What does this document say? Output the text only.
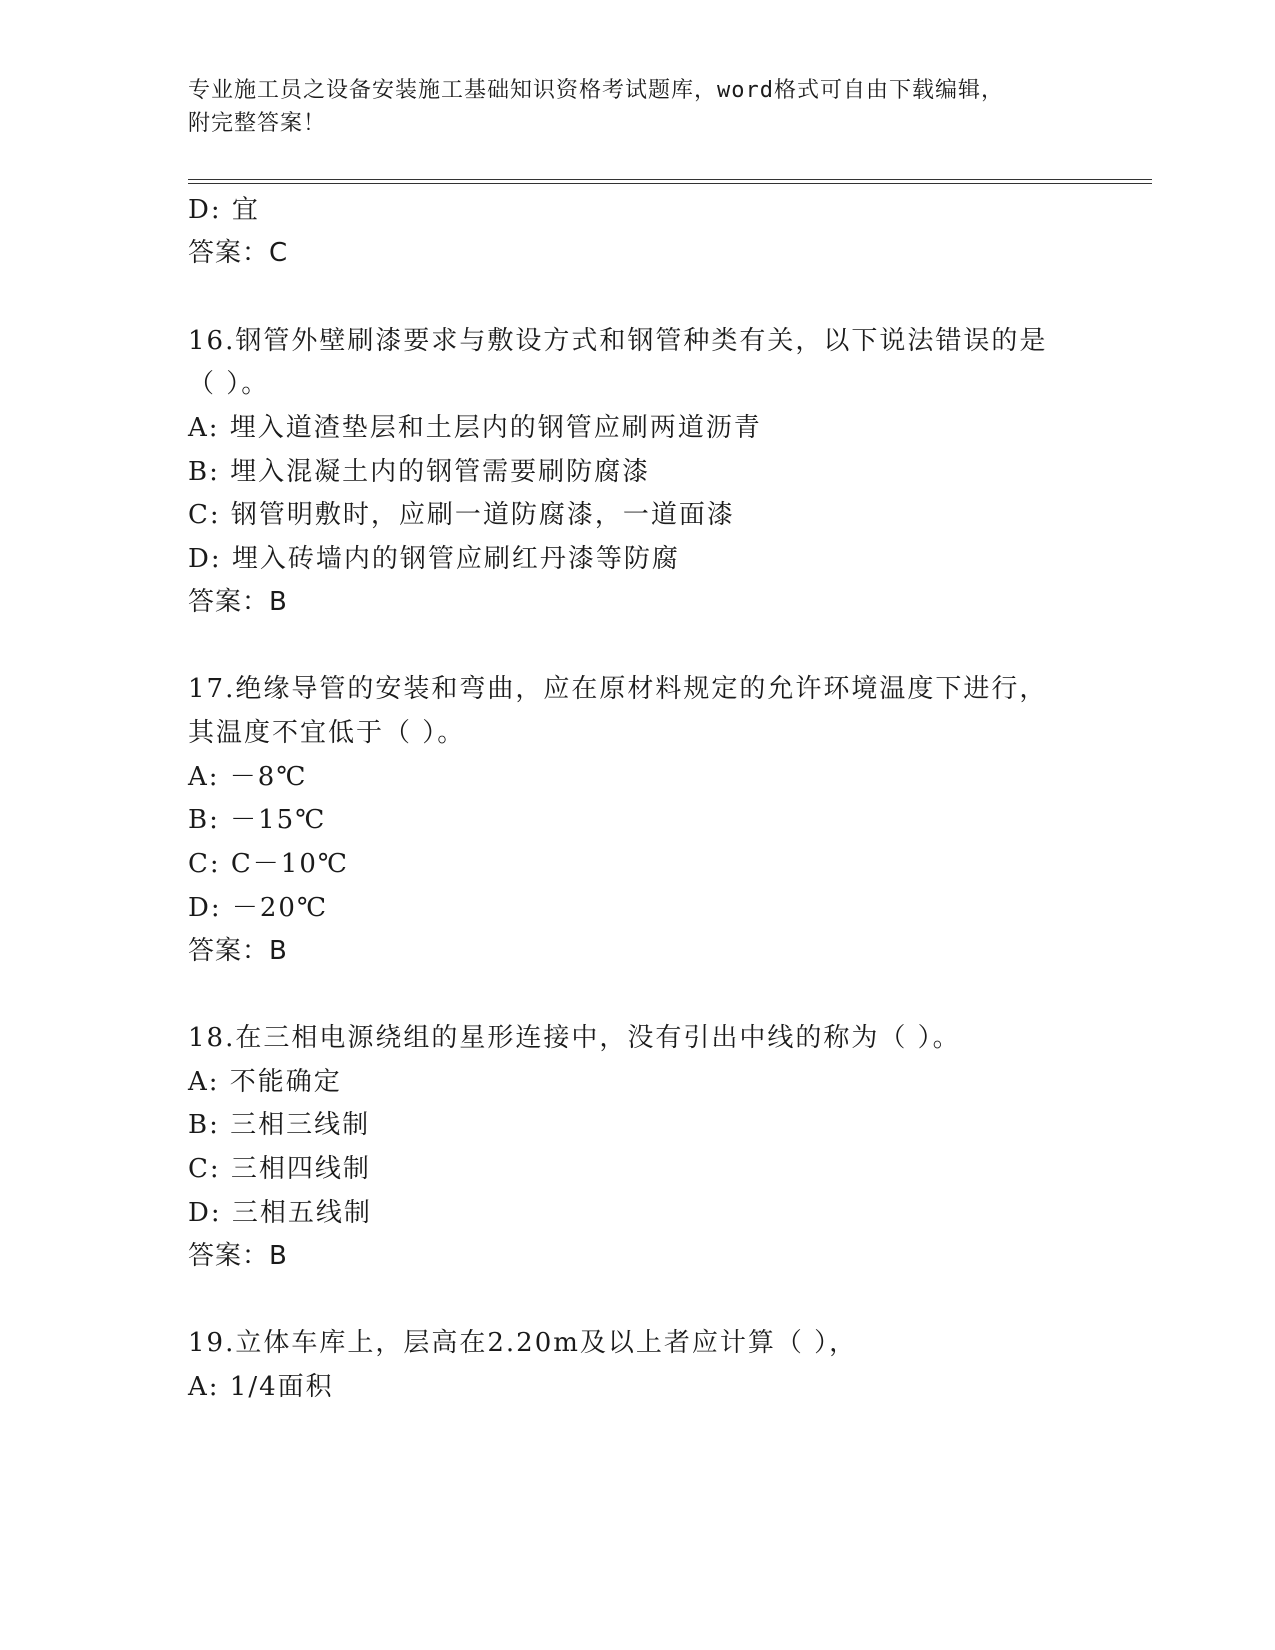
专业施工员之设备安装施工基础知识资格考试题库，word格式可自由下载编辑，
附完整答案！
D: 宜
答案：C
16.钢管外壁刷漆要求与敷设方式和钢管种类有关，以下说法错误的是
（ ）。
A: 埋入道渣垫层和土层内的钢管应刷两道沥青
B: 埋入混凝土内的钢管需要刷防腐漆
C: 钢管明敷时，应刷一道防腐漆，一道面漆
D: 埋入砖墙内的钢管应刷红丹漆等防腐
答案：B
17.绝缘导管的安装和弯曲，应在原材料规定的允许环境温度下进行，
其温度不宜低于（ ）。
A: －8℃
B: －15℃
C: C－10℃
D: －20℃
答案：B
18.在三相电源绕组的星形连接中，没有引出中线的称为（ ）。
A: 不能确定
B: 三相三线制
C: 三相四线制
D: 三相五线制
答案：B
19.立体车库上，层高在2.20m及以上者应计算（ ），
A: 1/4面积
